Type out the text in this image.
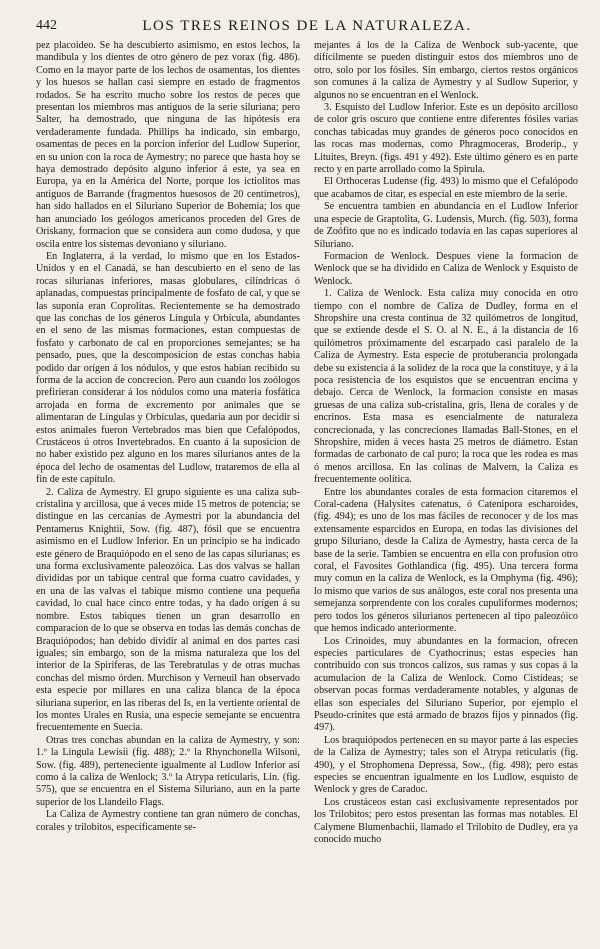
442	LOS TRES REINOS DE LA NATURALEZA.

pez placoideo. Se ha descubierto asimismo, en estos lechos, la mandíbula y los dientes de otro género de pez vorax (fig. 486). Como en la mayor parte de los lechos de osamentas, los dientes y los huesos se hallan casi siempre en estado de fragmentos rodados. Se ha escrito mucho sobre los restos de peces que presentan los miembros mas antiguos de la serie siluriana; pero Salter, ha demostrado, que ninguna de las hipótesis era verdaderamente fundada. Phillips ha indicado, sin embargo, osamentas de peces en la porcion inferior del Ludlow Superior, en su union con la roca de Aymestry; no parece que hasta hoy se haya demostrado depósito alguno inferior á este, ya sea en Europa, ya en la América del Norte, porque los ictiolitos mas antiguos de Barrande (fragmentos huesosos de 20 centímetros), han sido hallados en el Siluriano Superior de Bohemia; los que han anunciado los geólogos americanos proceden del Gres de Oriskany, formacion que se considera aun como dudosa, y que oscila entre los sistemas devoniano y siluriano.

En Inglaterra, á la verdad, lo mismo que en los Estados-Unidos y en el Canadá, se han descubierto en el seno de las rocas silurianas inferiores, masas globulares, cilíndricas ó aplanadas, compuestas principalmente de fosfato de cal, y que se las suponía eran Coprolitas. Recientemente se ha demostrado que las conchas de los géneros Língula y Orbícula, abundantes en el seno de las mismas formaciones, estan compuestas de fosfato y carbonato de cal en proporciones semejantes; se ha pensado, pues, que la descomposicion de estas conchas habia podido dar orígen á los nódulos, y que estos habian recibido su forma de la accion de concrecion. Pero aun cuando los zoólogos prefirieran considerar á los nódulos como una materia fosfática arrojada en forma de excremento por animales que se alimentaran de Língulas y Orbículas, quedaria aun por decidir si estos animales fueron Vertebrados mas bien que Cefalópodos, Crustáceos ú otros Invertebrados. En cuanto á la suposicion de no haber existido pez alguno en los mares silurianos antes de la época del lecho de osamentas del Ludlow, trataremos de ella al fin de este capítulo.

2. Caliza de Aymestry. El grupo siguiente es una caliza sub-cristalina y arcillosa, que á veces mide 15 metros de potencia; se distingue en las cercanías de Aymestri por la abundancia del Pentamerus Knightii, Sow. (fig. 487), fósil que se encuentra asimismo en el Ludlow Inferior. En un principio se ha indicado este género de Braquiópodo en el seno de las capas silurianas; es una forma exclusivamente paleozóica. Las dos valvas se hallan divididas por un tabique central que forma cuatro cavidades, y en una de las valvas el tabique mismo contiene una pequeña cavidad, lo cual hace cinco entre todas, y ha dado orígen á su nombre. Estos tabiques tienen un gran desarrollo en comparacion de lo que se observa en todas las demás conchas de Braquiópodos; han debido dividir al animal en dos partes casi iguales; sin embargo, son de la misma naturaleza que los del interior de la Spiriferas, de las Terebratulas y de otras muchas conchas del mismo órden. Murchison y Verneuil han observado esta especie por millares en una caliza blanca de la época siluriana superior, en las riberas del Is, en la vertiente oriental de los montes Urales en Rusia, una especie semejante se encuentra frecuentemente en Suecia.

Otras tres conchas abundan en la caliza de Aymestry, y son: 1.º la Língula Lewisii (fig. 488); 2.º la Rhynchonella Wilsoni, Sow. (fig. 489), perteneciente igualmente al Ludlow Inferior así como á la caliza de Wenlock; 3.º la Atrypa reticularis, Lin. (fig. 575), que se encuentra en el Sistema Siluriano, aun en la parte superior de los Llandeilo Flags.

La Caliza de Aymestry contiene tan gran número de conchas, corales y trilobitos, específicamente se-

mejantes á los de la Caliza de Wenbock sub-yacente, que difícilmente se pueden distinguir estos dos miembros uno de otro, solo por los fósiles. Sin embargo, ciertos restos orgánicos son comunes á la caliza de Aymestry y al Sudlow Superior, y algunos no se encuentran en el Wenlock.

3. Esquisto del Ludlow Inferior. Este es un depósito arcilloso de color gris oscuro que contiene entre diferentes fósiles varias conchas tabicadas muy grandes de géneros poco conocidos en las rocas mas modernas, como Phragmoceras, Broderip., y Lituites, Breyn. (figs. 491 y 492). Este último género es en parte recto y en parte arrollado como la Spirula.

El Orthoceras Ludense (fig. 493) lo mismo que el Cefalópodo que acabamos de citar, es especial en este miembro de la serie.

Se encuentra tambien en abundancia en el Ludlow Inferior una especie de Graptolita, G. Ludensis, Murch. (fig. 503), forma de Zoófito que no es indicado todavía en las capas superiores al Siluriano.

Formacion de Wenlock. Despues viene la formacion de Wenlock que se ha dividido en Caliza de Wenlock y Esquisto de Wenlock.

1. Caliza de Wenlock. Esta caliza muy conocida en otro tiempo con el nombre de Caliza de Dudley, forma en el Shropshire una cresta continua de 32 quilómetros de longitud, que se extiende desde el S. O. al N. E., á la distancia de 16 quilómetros próximamente del escarpado casi paralelo de la Caliza de Aymestry. Esta especie de protuberancia prolongada debe su existencia á la solidez de la roca que la constituye, y á la poca resistencia de los esquistos que se encuentran encima y debajo. Cerca de Wenlock, la formacion consiste en masas gruesas de una caliza sub-cristalina, gris, llena de corales y de encrinos. Esta masa es esencialmente de naturaleza concrecionada, y las concreciones llamadas Ball-Stones, en el Shropshire, miden á veces hasta 25 metros de diámetro. Estan formadas de carbonato de cal puro; la roca que les rodea es mas ó menos arcillosa. En las colinas de Malvern, la Caliza es frecuentemente oolítica.

Entre los abundantes corales de esta formacion citaremos el Coral-cadena (Halysites catenatus, ó Catenipora escharoides, (fig. 494); es uno de los mas fáciles de reconocer y de los mas extensamente esparcidos en Europa, en todas las divisiones del grupo Siluriano, desde la Caliza de Aymestry, hasta cerca de la base de la serie. Tambien se encuentra en ella con profusion otro coral, el Favosites Gothlandica (fig. 495). Una tercera forma muy comun en la caliza de Wenlock, es la Omphyma (fig. 496); lo mismo que varios de sus análogos, este coral nos presenta una semejanza sorprendente con los corales cupuliformes modernos; pero todos los géneros silurianos pertenecen al tipo paleozóico que hemos indicado anteriormente.

Los Crinoides, muy abundantes en la formacion, ofrecen especies particulares de Cyathocrinus; estas especies han contribuido con sus troncos calizos, sus ramas y sus copas á la acumulacion de la Caliza de Wenlock. Como Cistídeas; se observan pocas formas verdaderamente notables, y algunas de ellas son especiales del Siluriano Superior, por ejemplo el Pseudo-crinites que está armado de brazos fijos y pinnados (fig. 497).

Los braquiópodos pertenecen en su mayor parte á las especies de la Caliza de Aymestry; tales son el Atrypa reticularis (fig. 490), y el Strophomena Depressa, Sow., (fig. 498); pero estas especies se encuentran igualmente en los Ludlow, esquisto de Wenlock y gres de Caradoc.

Los crustáceos estan casi exclusivamente representados por los Trilobitos; pero estos presentan las formas mas notables. El Calymene Blumenbachii, llamado el Trilobito de Dudley, era ya conocido mucho
